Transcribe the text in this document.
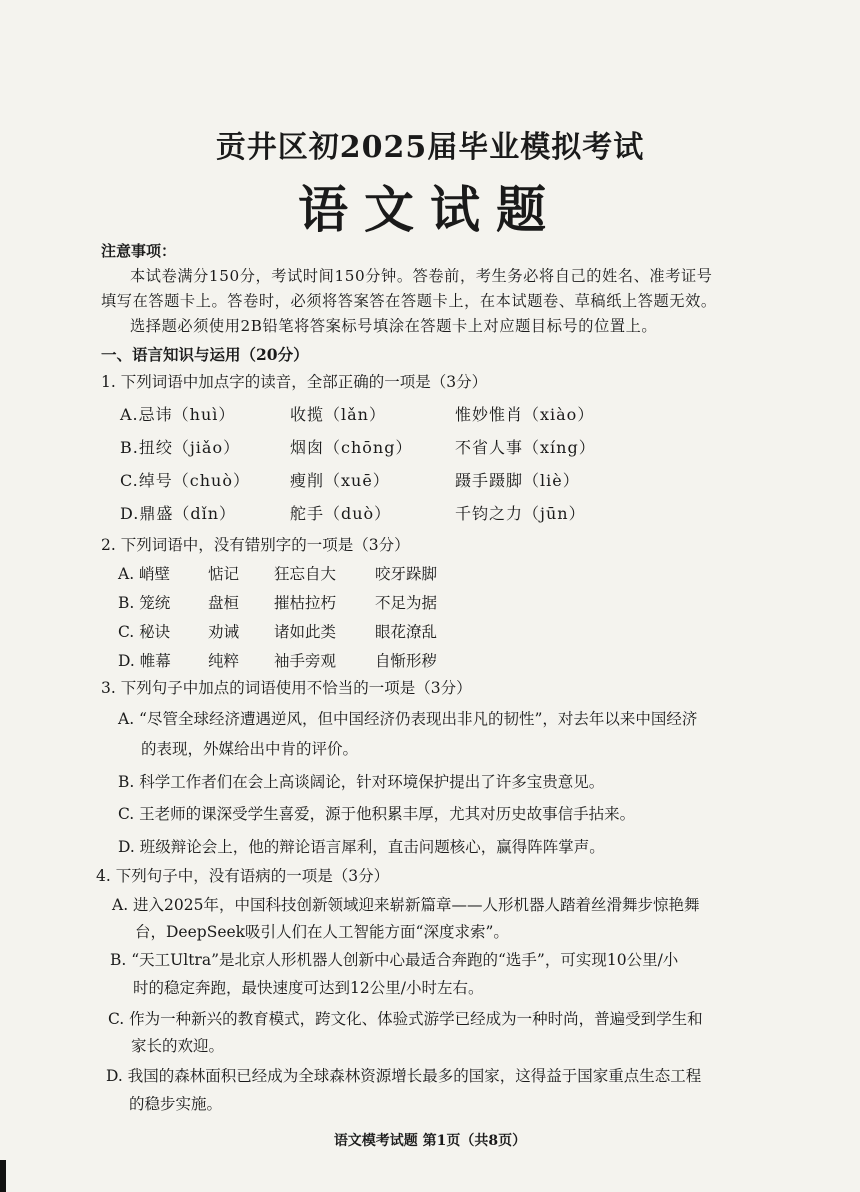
贡井区初2025届毕业模拟考试
语文试题
注意事项：
本试卷满分150分，考试时间150分钟。答卷前，考生务必将自己的姓名、准考证号
填写在答题卡上。答卷时，必须将答案答在答题卡上，在本试题卷、草稿纸上答题无效。
选择题必须使用2B铅笔将答案标号填涂在答题卡上对应题目标号的位置上。
一、语言知识与运用（20分）
1. 下列词语中加点字的读音，全部正确的一项是（3分）
A.忌讳（huì）	收揽（lǎn）	惟妙惟肖（xiào）
B.扭绞（jiǎo）	烟囱（chōng）	不省人事（xíng）
C.绰号（chuò）	瘦削（xuē）	蹑手蹑脚（liè）
D.鼎盛（dǐn）	舵手（duò）	千钧之力（jūn）
2. 下列词语中，没有错别字的一项是（3分）
A. 峭壁 惦记 狂忘自大	咬牙跺脚
B. 笼统 盘桓 摧枯拉朽	不足为据
C. 秘诀 劝诫 诸如此类	眼花潦乱
D. 帷幕 纯粹 袖手旁观	自惭形秽
3. 下列句子中加点的词语使用不恰当的一项是（3分）
A. “尽管全球经济遭遇逆风，但中国经济仍表现出非凡的韧性”，对去年以来中国经济
的表现，外媒给出中肯的评价。
B. 科学工作者们在会上高谈阔论，针对环境保护提出了许多宝贵意见。
C. 王老师的课深受学生喜爱，源于他积累丰厚，尤其对历史故事信手拈来。
D. 班级辩论会上，他的辩论语言犀利，直击问题核心，赢得阵阵掌声。
4. 下列句子中，没有语病的一项是（3分）
A. 进入2025年，中国科技创新领域迎来崭新篇章——人形机器人踏着丝滑舞步惊艳舞
台，DeepSeek吸引人们在人工智能方面“深度求索”。
B. “天工Ultra”是北京人形机器人创新中心最适合奔跑的“选手”，可实现10公里/小
时的稳定奔跑，最快速度可达到12公里/小时左右。
C. 作为一种新兴的教育模式，跨文化、体验式游学已经成为一种时尚，普遍受到学生和
家长的欢迎。
D. 我国的森林面积已经成为全球森林资源增长最多的国家，这得益于国家重点生态工程
的稳步实施。
语文模考试题 第1页（共8页）
